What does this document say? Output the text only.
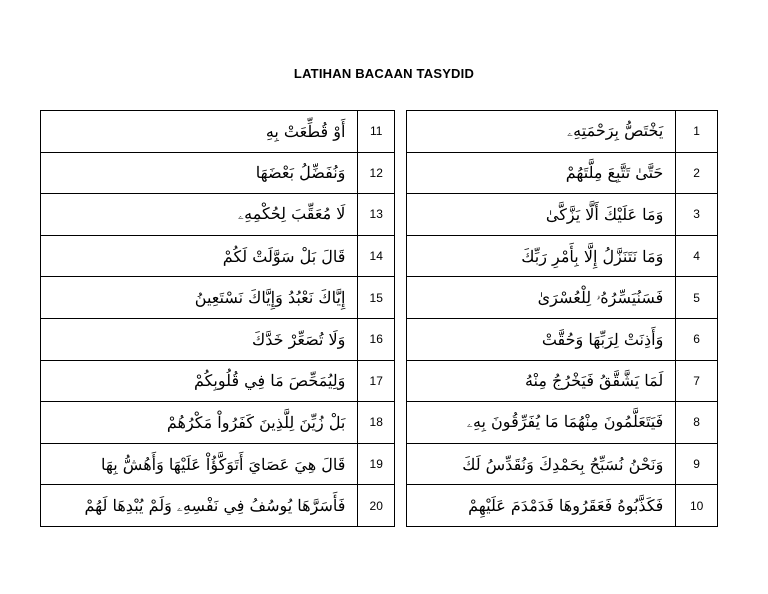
LATIHAN BACAAN TASYDID
أَوْ قُطِّعَتْ بِهِ	11
وَنُفَضِّلُ بَعْضَهَا	12
لَا مُعَقِّبَ لِحُكْمِهِۦ	13
قَالَ بَلْ سَوَّلَتْ لَكُمْ	14
إِيَّاكَ نَعْبُدُ وَإِيَّاكَ نَسْتَعِينُ	15
وَلَا تُصَعِّرْ خَدَّكَ	16
وَلِيُمَحِّصَ مَا فِي قُلُوبِكُمْ	17
بَلْ زُيِّنَ لِلَّذِينَ كَفَرُواْ مَكْرُهُمْ	18
قَالَ هِيَ عَصَايَ أَتَوَكَّؤُاْ عَلَيْهَا وَأَهُشُّ بِهَا	19
فَأَسَرَّهَا يُوسُفُ فِي نَفْسِهِۦ وَلَمْ يُبْدِهَا لَهُمْ	20
يَخْتَصُّ بِرَحْمَتِهِۦ	1
حَتَّىٰ تَتَّبِعَ مِلَّتَهُمْ	2
وَمَا عَلَيْكَ أَلَّا يَزَّكَّىٰ	3
وَمَا نَتَنَزَّلُ إِلَّا بِأَمْرِ رَبِّكَ	4
فَسَنُيَسِّرُهُۥ لِلْعُسْرَىٰ	5
وَأَذِنَتْ لِرَبِّهَا وَحُقَّتْ	6
لَمَا يَشَّقَّقُ فَيَخْرُجُ مِنْهُ	7
فَيَتَعَلَّمُونَ مِنْهُمَا مَا يُفَرِّقُونَ بِهِۦ	8
وَنَحْنُ نُسَبِّحُ بِحَمْدِكَ وَنُقَدِّسُ لَكَ	9
فَكَذَّبُوهُ فَعَقَرُوهَا فَدَمْدَمَ عَلَيْهِمْ	10
